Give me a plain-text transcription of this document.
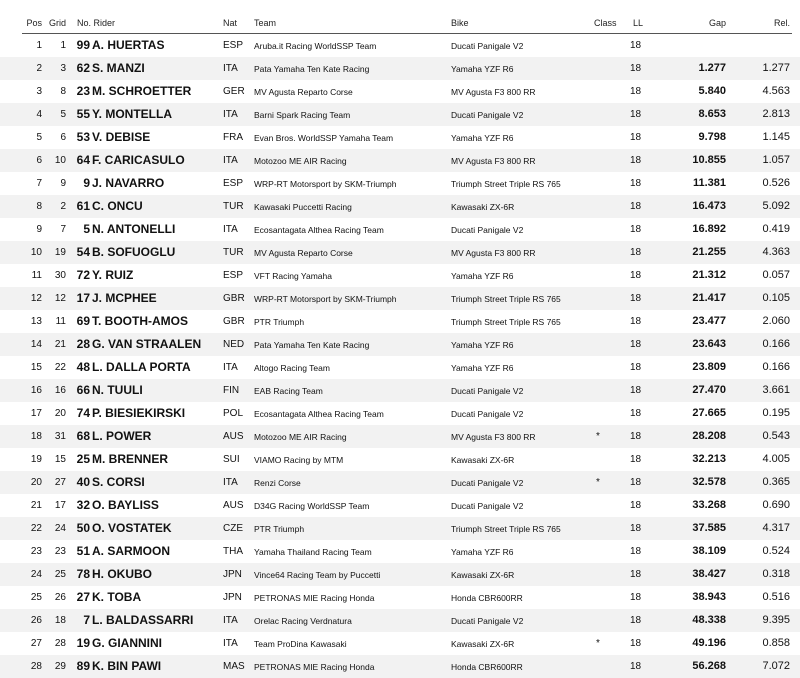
Pos Grid No. Rider	Nat Team	Bike	Class LL	Gap	Rel.
1	1 99 A. HUERTAS	ESP Aruba.it Racing WorldSSP Team	Ducati Panigale V2	18
2	3 62 S. MANZI	ITA Pata Yamaha Ten Kate Racing	Yamaha YZF R6	18	1.277	1.277
3	8 23 M. SCHROETTER	GER MV Agusta Reparto Corse	MV Agusta F3 800 RR	18	5.840	4.563
4	5 55 Y. MONTELLA	ITA Barni Spark Racing Team	Ducati Panigale V2	18	8.653	2.813
5	6 53 V. DEBISE	FRA Evan Bros. WorldSSP Yamaha Team	Yamaha YZF R6	18	9.798	1.145
6	10 64 F. CARICASULO	ITA Motozoo ME AIR Racing	MV Agusta F3 800 RR	18	10.855	1.057
7	9	9 J. NAVARRO	ESP WRP-RT Motorsport by SKM-Triumph	Triumph Street Triple RS 765	18	11.381	0.526
8	2 61 C. ONCU	TUR Kawasaki Puccetti Racing	Kawasaki ZX-6R	18	16.473	5.092
9	7	5 N. ANTONELLI	ITA Ecosantagata Althea Racing Team	Ducati Panigale V2	18	16.892	0.419
10	19 54 B. SOFUOGLU	TUR MV Agusta Reparto Corse	MV Agusta F3 800 RR	18	21.255	4.363
11	30 72 Y. RUIZ	ESP VFT Racing Yamaha	Yamaha YZF R6	18	21.312	0.057
12	12 17 J. MCPHEE	GBR WRP-RT Motorsport by SKM-Triumph	Triumph Street Triple RS 765	18	21.417	0.105
13	11 69 T. BOOTH-AMOS	GBR PTR Triumph	Triumph Street Triple RS 765	18	23.477	2.060
14	21 28 G. VAN STRAALEN NED Pata Yamaha Ten Kate Racing	Yamaha YZF R6	18	23.643	0.166
15	22 48 L. DALLA PORTA	ITA Altogo Racing Team	Yamaha YZF R6	18	23.809	0.166
16	16 66 N. TUULI	FIN EAB Racing Team	Ducati Panigale V2	18	27.470	3.661
17	20 74 P. BIESIEKIRSKI	POL Ecosantagata Althea Racing Team	Ducati Panigale V2	18	27.665	0.195
18	31 68 L. POWER	AUS Motozoo ME AIR Racing	MV Agusta F3 800 RR	*	18	28.208	0.543
19	15 25 M. BRENNER	SUI VIAMO Racing by MTM	Kawasaki ZX-6R	18	32.213	4.005
20	27 40 S. CORSI	ITA Renzi Corse	Ducati Panigale V2	*	18	32.578	0.365
21	17 32 O. BAYLISS	AUS D34G Racing WorldSSP Team	Ducati Panigale V2	18	33.268	0.690
22	24 50 O. VOSTATEK	CZE PTR Triumph	Triumph Street Triple RS 765	18	37.585	4.317
23	23 51 A. SARMOON	THA Yamaha Thailand Racing Team	Yamaha YZF R6	18	38.109	0.524
24	25 78 H. OKUBO	JPN Vince64 Racing Team by Puccetti	Kawasaki ZX-6R	18	38.427	0.318
25	26 27 K. TOBA	JPN PETRONAS MIE Racing Honda	Honda CBR600RR	18	38.943	0.516
26	18	7 L. BALDASSARRI	ITA Orelac Racing Verdnatura	Ducati Panigale V2	18	48.338	9.395
27	28 19 G. GIANNINI	ITA Team ProDina Kawasaki	Kawasaki ZX-6R	*	18	49.196	0.858
28	29 89 K. BIN PAWI	MAS PETRONAS MIE Racing Honda	Honda CBR600RR	18	56.268	7.072
